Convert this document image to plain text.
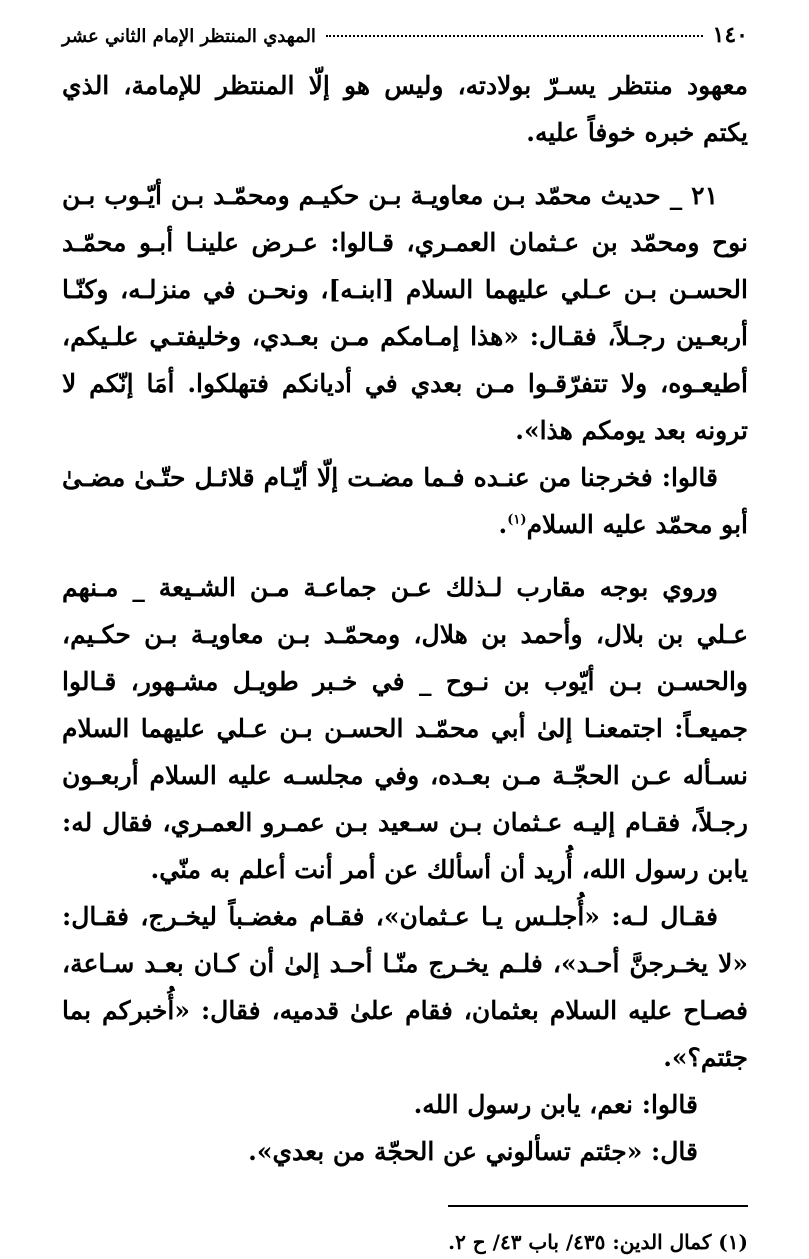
١٤٠
المهدي المنتظر الإمام الثاني عشر

معهود منتظر يسـرّ بولادته، وليس هو إلّا المنتظر للإمامة، الذي يكتم خبره خوفاً عليه.

٢١ _ حديث محمّد بـن معاويـة بـن حكيـم ومحمّـد بـن أيّـوب بـن نوح ومحمّد بن عـثمان العمـري، قـالوا: عـرض علينـا أبـو محمّـد الحسـن بـن عـلي عليهما السلام [ابنـه]، ونحـن في منزلـه، وكنّـا أربعـين رجـلاً، فقـال: «هذا إمـامكم مـن بعـدي، وخليفتـي علـيكم، أطيعـوه، ولا تتفرّقـوا مـن بعدي في أديانكم فتهلكوا. أمَا إنّكم لا ترونه بعد يومكم هذا».

قالوا: فخرجنا من عنـده فـما مضـت إلّا أيّـام قلائـل حتّـىٰ مضـىٰ أبو محمّد عليه السلام$^{(١)}$.

وروي بوجه مقارب لـذلك عـن جماعـة مـن الشـيعة _ مـنهم عـلي بن بلال، وأحمد بن هلال، ومحمّـد بـن معاويـة بـن حكـيم، والحسـن بـن أيّوب بن نـوح _ في خـبر طويـل مشـهور، قـالوا جميعـاً: اجتمعنـا إلىٰ أبي محمّـد الحسـن بـن عـلي عليهما السلام نسـأله عـن الحجّـة مـن بعـده، وفي مجلسـه عليه السلام أربعـون رجـلاً، فقـام إليـه عـثمان بـن سـعيد بـن عمـرو العمـري، فقال له: يابن رسول الله، أُريد أن أسألك عن أمر أنت أعلم به منّي.

فقـال لـه: «أُجلـس يـا عـثمان»، فقـام مغضـباً ليخـرج، فقـال: «لا يخـرجنَّ أحـد»، فلـم يخـرج منّـا أحـد إلىٰ أن كـان بعـد سـاعة، فصـاح عليه السلام بعثمان، فقام علىٰ قدميه، فقال: «أُخبركم بما جئتم؟».

قالوا: نعم، يابن رسول الله.

قال: «جئتم تسألوني عن الحجّة من بعدي».

(١) كمال الدين: ٤٣٥/ باب ٤٣/ ح ٢.
